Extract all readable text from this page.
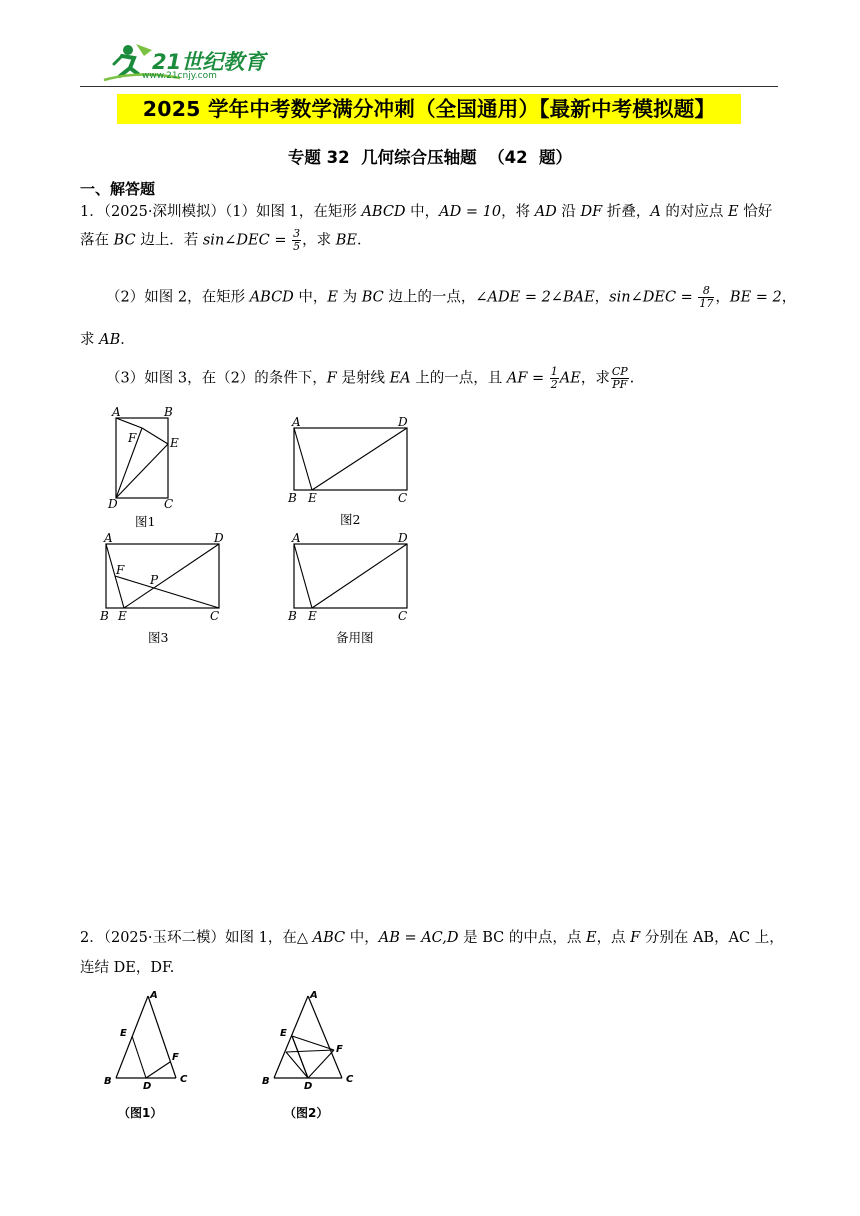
21世纪教育
www.21cnjy.com
2025 学年中考数学满分冲刺（全国通用）【最新中考模拟题】
专题 32  几何综合压轴题  （42  题）
一、解答题
1．（2025·深圳模拟）（1）如图 1，在矩形 ABCD 中，AD = 10，将 AD 沿 DF 折叠，A 的对应点 E 恰好
落在 BC 边上．若 sin∠DEC = $\frac{3}{5}$ ，求 BE．
（2）如图 2，在矩形 ABCD 中，E 为 BC 边上的一点，∠ADE = 2∠BAE，sin∠DEC = $\frac{8}{17}$ ，BE = 2，
求 AB．
（3）如图 3，在（2）的条件下，F 是射线 EA 上的一点，且 AF = $\frac{1}{2}$ AE，求 $\frac{CP}{PF}$ .
A	B
D	C
E
F
图1
A	D
B E	C
图2
A	D
F
P
B E	C
图3
A	D
B E	C
备用图
2．（2025·玉环二模）如图 1，在△ ABC 中，AB = AC,D 是 BC 的中点，点 E，点 F 分别在 AB，AC 上，
连结 DE，DF.
A
E
F
B	D
C
（图1）
A
E
F
B	D
C
（图2）
